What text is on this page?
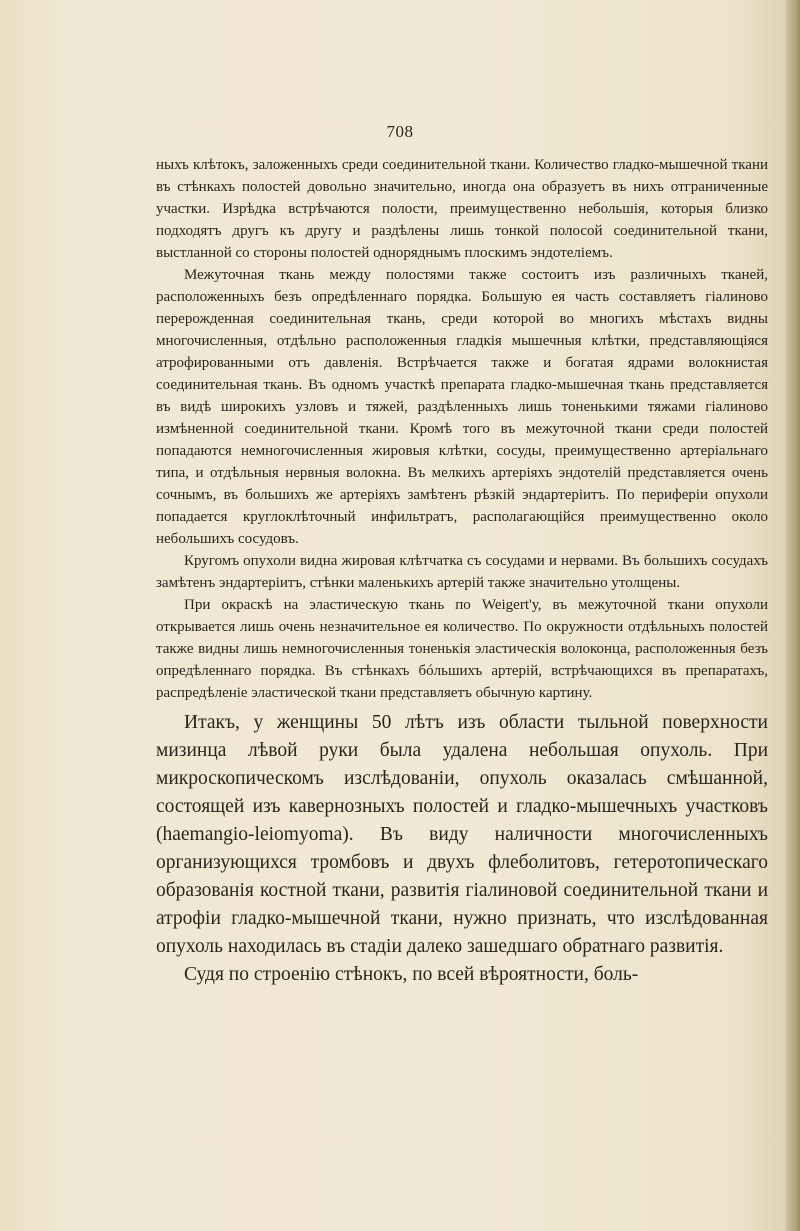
708

ныхъ клѣтокъ, заложенныхъ среди соединительной ткани. Количество гладко-мышечной ткани въ стѣнкахъ полостей довольно значительно, иногда она образуетъ въ нихъ отграниченные участки. Изрѣдка встрѣчаются полости, преимущественно небольшія, которыя близко подходятъ другъ къ другу и раздѣлены лишь тонкой полосой соединительной ткани, выстланной со стороны полостей одноряднымъ плоскимъ эндотеліемъ.

Межуточная ткань между полостями также состоитъ изъ различныхъ тканей, расположенныхъ безъ опредѣленнаго порядка. Большую ея часть составляетъ гіалиново перерожденная соединительная ткань, среди которой во многихъ мѣстахъ видны многочисленныя, отдѣльно расположенныя гладкія мышечныя клѣтки, представляющіяся атрофированными отъ давленія. Встрѣчается также и богатая ядрами волокнистая соединительная ткань. Въ одномъ участкѣ препарата гладко-мышечная ткань представляется въ видѣ широкихъ узловъ и тяжей, раздѣленныхъ лишь тоненькими тяжами гіалиново измѣненной соединительной ткани. Кромѣ того въ межуточной ткани среди полостей попадаются немногочисленныя жировыя клѣтки, сосуды, преимущественно артеріальнаго типа, и отдѣльныя нервныя волокна. Въ мелкихъ артеріяхъ эндотелій представляется очень сочнымъ, въ большихъ же артеріяхъ замѣтенъ рѣзкій эндартеріитъ. По периферіи опухоли попадается круглоклѣточный инфильтратъ, располагающійся преимущественно около небольшихъ сосудовъ.

Кругомъ опухоли видна жировая клѣтчатка съ сосудами и нервами. Въ большихъ сосудахъ замѣтенъ эндартеріитъ, стѣнки маленькихъ артерій также значительно утолщены.

При окраскѣ на эластическую ткань по Weigert'у, въ межуточной ткани опухоли открывается лишь очень незначительное ея количество. По окружности отдѣльныхъ полостей также видны лишь немногочисленныя тоненькія эластическія волоконца, расположенныя безъ опредѣленнаго порядка. Въ стѣнкахъ бóльшихъ артерій, встрѣчающихся въ препаратахъ, распредѣленіе эластической ткани представляетъ обычную картину.

Итакъ, у женщины 50 лѣтъ изъ области тыльной поверхности мизинца лѣвой руки была удалена небольшая опухоль. При микроскопическомъ изслѣдованіи, опухоль оказалась смѣшанной, состоящей изъ кавернозныхъ полостей и гладко-мышечныхъ участковъ (haemangio-leiomyoma). Въ виду наличности многочисленныхъ организующихся тромбовъ и двухъ флеболитовъ, гетеротопическаго образованія костной ткани, развитія гіалиновой соединительной ткани и атрофіи гладко-мышечной ткани, нужно признать, что изслѣдованная опухоль находилась въ стадіи далеко зашедшаго обратнаго развитія.

Судя по строенію стѣнокъ, по всей вѣроятности, боль-
